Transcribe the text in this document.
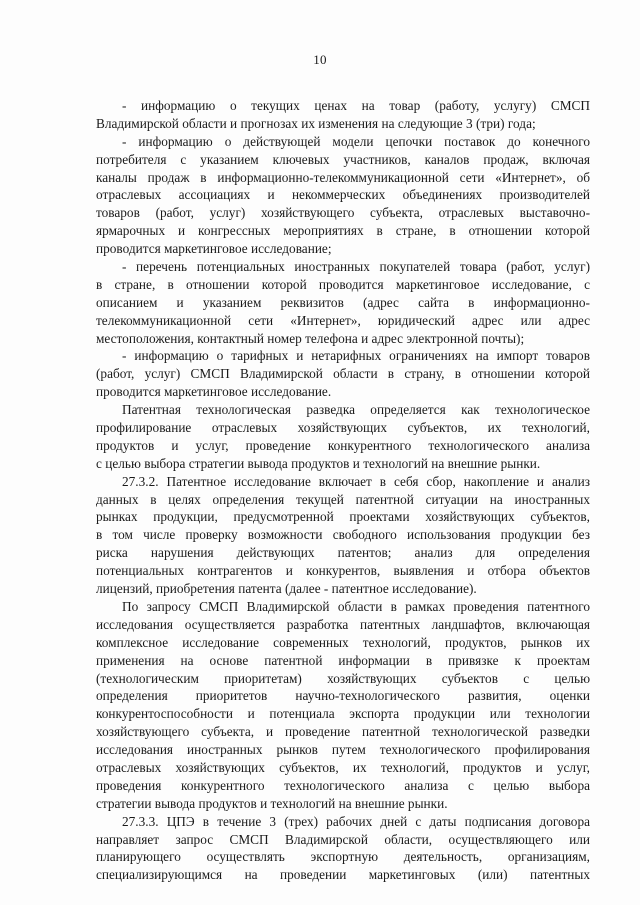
10

- информацию о текущих ценах на товар (работу, услугу) СМСП
Владимирской области и прогнозах их изменения на следующие 3 (три) года;

- информацию о действующей модели цепочки поставок до конечного
потребителя с указанием ключевых участников, каналов продаж, включая
каналы продаж в информационно-телекоммуникационной сети «Интернет», об
отраслевых ассоциациях и некоммерческих объединениях производителей
товаров (работ, услуг) хозяйствующего субъекта, отраслевых выставочно-
ярмарочных и конгрессных мероприятиях в стране, в отношении которой
проводится маркетинговое исследование;

- перечень потенциальных иностранных покупателей товара (работ, услуг)
в стране, в отношении которой проводится маркетинговое исследование, с
описанием и указанием реквизитов (адрес сайта в информационно-
телекоммуникационной сети «Интернет», юридический адрес или адрес
местоположения, контактный номер телефона и адрес электронной почты);

- информацию о тарифных и нетарифных ограничениях на импорт товаров
(работ, услуг) СМСП Владимирской области в страну, в отношении которой
проводится маркетинговое исследование.

Патентная технологическая разведка определяется как технологическое
профилирование отраслевых хозяйствующих субъектов, их технологий,
продуктов и услуг, проведение конкурентного технологического анализа
с целью выбора стратегии вывода продуктов и технологий на внешние рынки.

27.3.2. Патентное исследование включает в себя сбор, накопление и анализ
данных в целях определения текущей патентной ситуации на иностранных
рынках продукции, предусмотренной проектами хозяйствующих субъектов,
в том числе проверку возможности свободного использования продукции без
риска нарушения действующих патентов; анализ для определения
потенциальных контрагентов и конкурентов, выявления и отбора объектов
лицензий, приобретения патента (далее - патентное исследование).

По запросу СМСП Владимирской области в рамках проведения патентного
исследования осуществляется разработка патентных ландшафтов, включающая
комплексное исследование современных технологий, продуктов, рынков их
применения на основе патентной информации в привязке к проектам
(технологическим приоритетам) хозяйствующих субъектов с целью
определения приоритетов научно-технологического развития, оценки
конкурентоспособности и потенциала экспорта продукции или технологии
хозяйствующего субъекта, и проведение патентной технологической разведки
исследования иностранных рынков путем технологического профилирования
отраслевых хозяйствующих субъектов, их технологий, продуктов и услуг,
проведения конкурентного технологического анализа с целью выбора
стратегии вывода продуктов и технологий на внешние рынки.

27.3.3. ЦПЭ в течение 3 (трех) рабочих дней с даты подписания договора
направляет запрос СМСП Владимирской области, осуществляющего или
планирующего осуществлять экспортную деятельность, организациям,
специализирующимся на проведении маркетинговых (или) патентных
